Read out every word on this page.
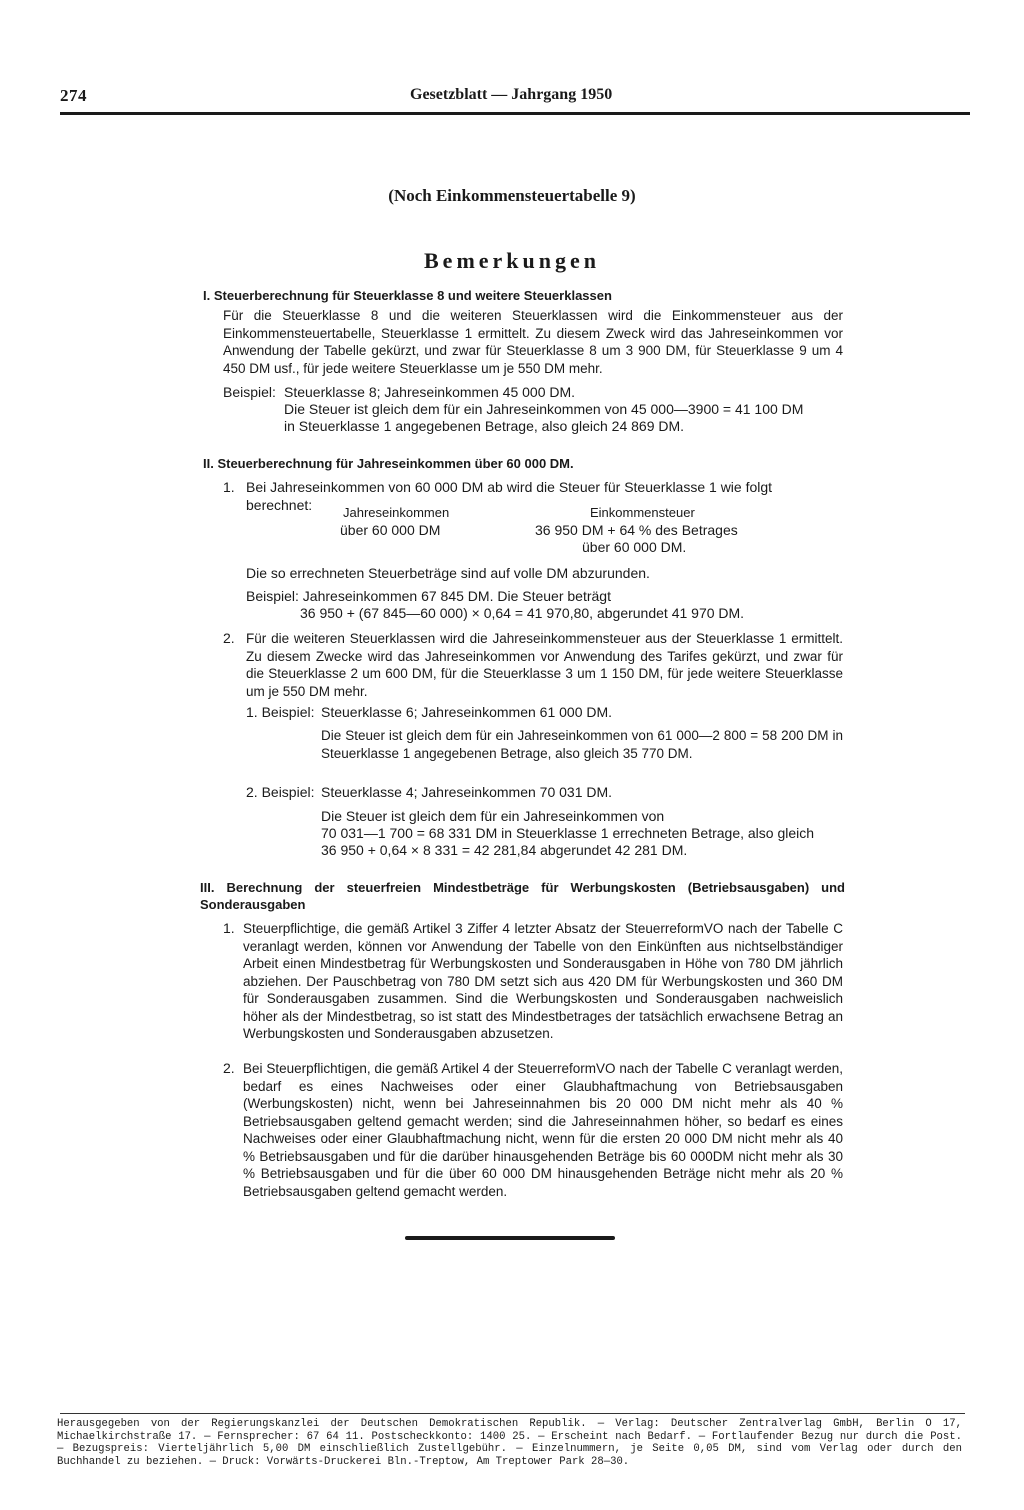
274	Gesetzblatt — Jahrgang 1950
(Noch Einkommensteuertabelle 9)
Bemerkungen
I. Steuerberechnung für Steuerklasse 8 und weitere Steuerklassen
Für die Steuerklasse 8 und die weiteren Steuerklassen wird die Einkommensteuer aus der Einkommensteuertabelle, Steuerklasse 1 ermittelt. Zu diesem Zweck wird das Jahreseinkommen vor Anwendung der Tabelle gekürzt, und zwar für Steuerklasse 8 um 3 900 DM, für Steuerklasse 9 um 4 450 DM usf., für jede weitere Steuerklasse um je 550 DM mehr.
Beispiel: Steuerklasse 8; Jahreseinkommen 45 000 DM.
Die Steuer ist gleich dem für ein Jahreseinkommen von 45 000—3900 = 41 100 DM
in Steuerklasse 1 angegebenen Betrage, also gleich 24 869 DM.
II. Steuerberechnung für Jahreseinkommen über 60 000 DM.
1. Bei Jahreseinkommen von 60 000 DM ab wird die Steuer für Steuerklasse 1 wie folgt
berechnet: Jahreseinkommen	Einkommensteuer
über 60 000 DM	36 950 DM + 64 % des Betrages
über 60 000 DM.
Die so errechneten Steuerbeträge sind auf volle DM abzurunden.
Beispiel: Jahreseinkommen 67 845 DM. Die Steuer beträgt
36 950 + (67 845—60 000) × 0,64 = 41 970,80, abgerundet 41 970 DM.
2. Für die weiteren Steuerklassen wird die Jahreseinkommensteuer aus der Steuerklasse 1 ermittelt. Zu diesem Zwecke wird das Jahreseinkommen vor Anwendung des Tarifes gekürzt, und zwar für die Steuerklasse 2 um 600 DM, für die Steuerklasse 3 um 1 150 DM, für jede weitere Steuerklasse um je 550 DM mehr.
1. Beispiel: Steuerklasse 6; Jahreseinkommen 61 000 DM.
Die Steuer ist gleich dem für ein Jahreseinkommen von 61 000—2 800 = 58 200 DM in Steuerklasse 1 angegebenen Betrage, also gleich 35 770 DM.
2. Beispiel: Steuerklasse 4; Jahreseinkommen 70 031 DM.
Die Steuer ist gleich dem für ein Jahreseinkommen von
70 031—1 700 = 68 331 DM in Steuerklasse 1 errechneten Betrage, also gleich
36 950 + 0,64 × 8 331 = 42 281,84 abgerundet 42 281 DM.
III. Berechnung der steuerfreien Mindestbeträge für Werbungskosten (Betriebsausgaben) und Sonderausgaben
1. Steuerpflichtige, die gemäß Artikel 3 Ziffer 4 letzter Absatz der SteuerreformVO nach der Tabelle C veranlagt werden, können vor Anwendung der Tabelle von den Einkünften aus nichtselbständiger Arbeit einen Mindestbetrag für Werbungskosten und Sonderausgaben in Höhe von 780 DM jährlich abziehen. Der Pauschbetrag von 780 DM setzt sich aus 420 DM für Werbungskosten und 360 DM für Sonderausgaben zusammen. Sind die Werbungskosten und Sonderausgaben nachweislich höher als der Mindestbetrag, so ist statt des Mindestbetrages der tatsächlich erwachsene Betrag an Werbungskosten und Sonderausgaben abzusetzen.
2. Bei Steuerpflichtigen, die gemäß Artikel 4 der SteuerreformVO nach der Tabelle C veranlagt werden, bedarf es eines Nachweises oder einer Glaubhaftmachung von Betriebsausgaben (Werbungskosten) nicht, wenn bei Jahreseinnahmen bis 20 000 DM nicht mehr als 40 % Betriebsausgaben geltend gemacht werden; sind die Jahreseinnahmen höher, so bedarf es eines Nachweises oder einer Glaubhaftmachung nicht, wenn für die ersten 20 000 DM nicht mehr als 40 % Betriebsausgaben und für die darüber hinausgehenden Beträge bis 60 000DM nicht mehr als 30 % Betriebsausgaben und für die über 60 000 DM hinausgehenden Beträge nicht mehr als 20 % Betriebsausgaben geltend gemacht werden.
Herausgegeben von der Regierungskanzlei der Deutschen Demokratischen Republik. — Verlag: Deutscher Zentralverlag GmbH, Berlin O 17, Michaelkirchstraße 17. — Fernsprecher: 67 64 11. Postscheckkonto: 1400 25. — Erscheint nach Bedarf. — Fortlaufender Bezug nur durch die Post. — Bezugspreis: Vierteljährlich 5,00 DM einschließlich Zustellgebühr. — Einzelnummern, je Seite 0,05 DM, sind vom Verlag oder durch den Buchhandel zu beziehen. — Druck: Vorwärts-Druckerei Bln.-Treptow, Am Treptower Park 28—30.
